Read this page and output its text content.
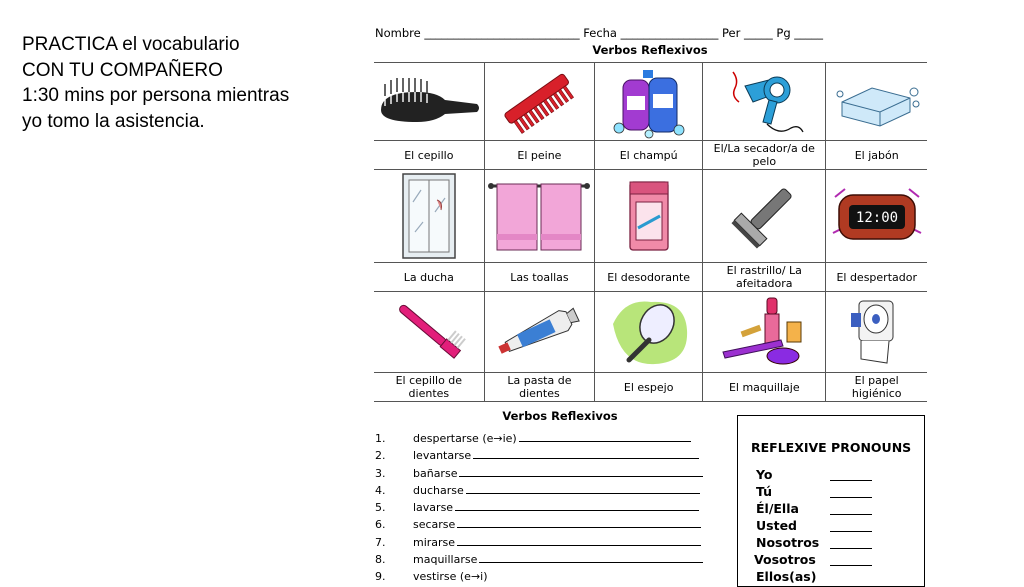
PRACTICA el vocabulario
CON TU COMPAÑERO
1:30 mins por persona mientras
yo tomo la asistencia.
Nombre ___________________________ Fecha _________________ Per _____ Pg _____
Verbos Reflexivos

El cepillo	El peine	El champú	El/La secador/a de pelo	El jabón

12:00

La ducha	Las toallas	El desodorante	El rastrillo/ La afeitadora	El despertador

El cepillo de dientes	La pasta de dientes	El espejo	El maquillaje	El papel higiénico
Verbos Reflexivos
1.	despertarse (e→ie)
2.	levantarse
3.	bañarse
4.	ducharse
5.	lavarse
6.	secarse
7.	mirarse
8.	maquillarse
9.	vestirse (e→i)
REFLEXIVE PRONOUNS
Yo
Tú
Él/Ella
Usted
Nosotros
Vosotros
Ellos(as)
